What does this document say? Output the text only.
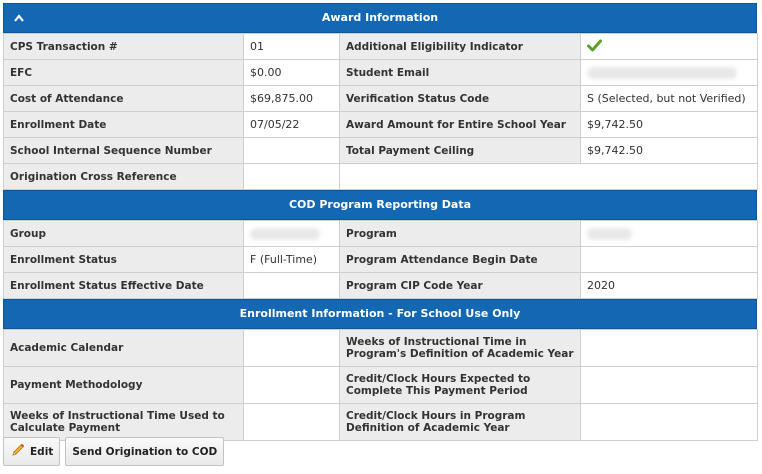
Award Information
CPS Transaction #	01	Additional Eligibility Indicator	
EFC	$0.00	Student Email	
Cost of Attendance	$69,875.00	Verification Status Code	S (Selected, but not Verified)
Enrollment Date	07/05/22	Award Amount for Entire School Year	$9,742.50
School Internal Sequence Number		Total Payment Ceiling	$9,742.50
Origination Cross Reference			
COD Program Reporting Data
Group		Program	
Enrollment Status	F (Full-Time)	Program Attendance Begin Date	
Enrollment Status Effective Date		Program CIP Code Year	2020
Enrollment Information - For School Use Only
Academic Calendar		Weeks of Instructional Time in Program's Definition of Academic Year	
Payment Methodology		Credit/Clock Hours Expected to Complete This Payment Period	
Weeks of Instructional Time Used to Calculate Payment		Credit/Clock Hours in Program Definition of Academic Year	
Edit Send Origination to COD
